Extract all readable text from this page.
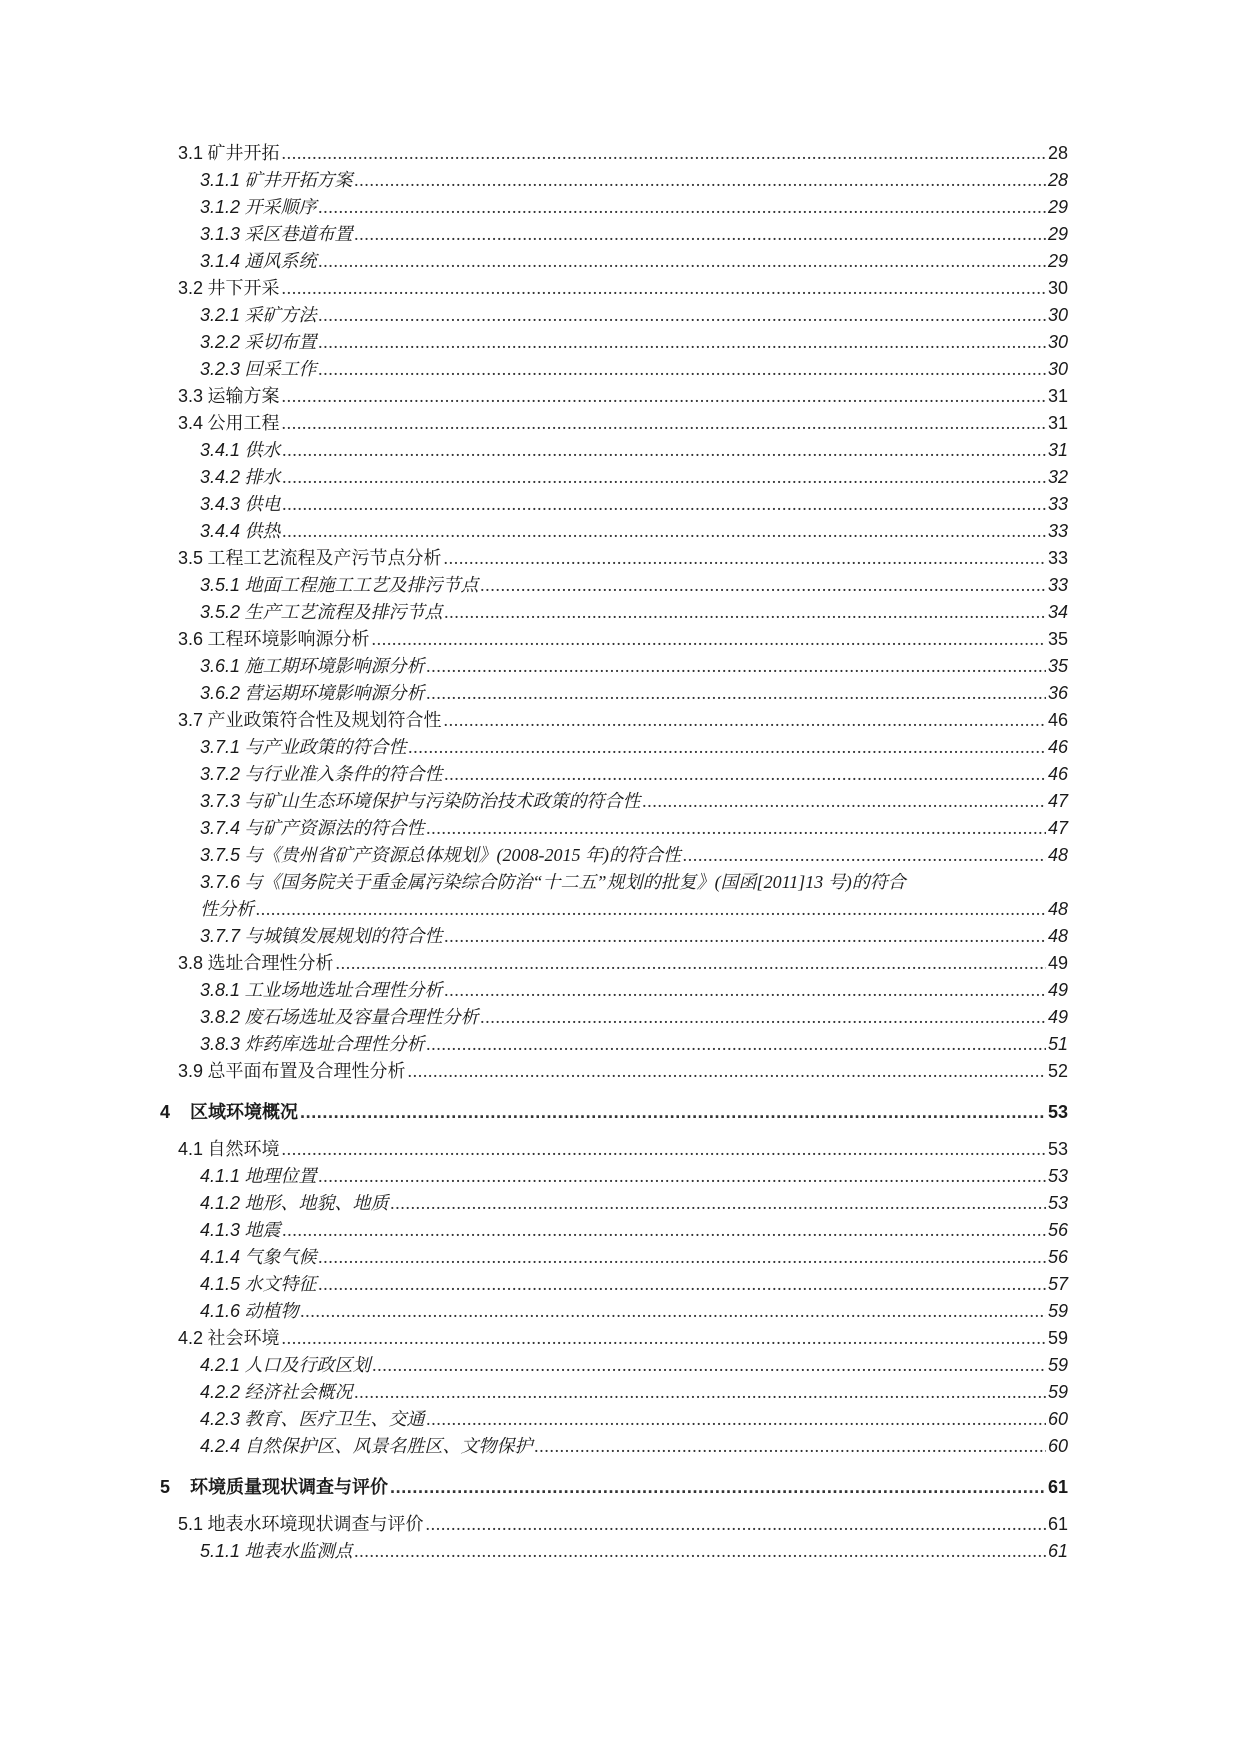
3.1 矿井开拓 .....	28
3.1.1 矿井开拓方案 .....	28
3.1.2 开采顺序 .....	29
3.1.3 采区巷道布置 .....	29
3.1.4 通风系统 .....	29
3.2 井下开采 .....	30
3.2.1 采矿方法 .....	30
3.2.2 采切布置 .....	30
3.2.3 回采工作 .....	30
3.3 运输方案 .....	31
3.4 公用工程 .....	31
3.4.1 供水 .....	31
3.4.2 排水 .....	32
3.4.3 供电 .....	33
3.4.4 供热 .....	33
3.5 工程工艺流程及产污节点分析 .....	33
3.5.1 地面工程施工工艺及排污节点 .....	33
3.5.2 生产工艺流程及排污节点 .....	34
3.6 工程环境影响源分析 .....	35
3.6.1 施工期环境影响源分析 .....	35
3.6.2 营运期环境影响源分析 .....	36
3.7 产业政策符合性及规划符合性 .....	46
3.7.1 与产业政策的符合性 .....	46
3.7.2 与行业准入条件的符合性 .....	46
3.7.3 与矿山生态环境保护与污染防治技术政策的符合性 .....	47
3.7.4 与矿产资源法的符合性 .....	47
3.7.5 与《贵州省矿产资源总体规划》(2008-2015 年)的符合性 .....	48
3.7.6 与《国务院关于重金属污染综合防治“十二五”规划的批复》(国函[2011]13 号)的符合
性分析 .....	48
3.7.7 与城镇发展规划的符合性 .....	48
3.8 选址合理性分析 .....	49
3.8.1 工业场地选址合理性分析 .....	49
3.8.2 废石场选址及容量合理性分析 .....	49
3.8.3 炸药库选址合理性分析 .....	51
3.9 总平面布置及合理性分析 .....	52
4 区域环境概况 .....	53
4.1 自然环境 .....	53
4.1.1 地理位置 .....	53
4.1.2 地形、地貌、地质 .....	53
4.1.3 地震 .....	56
4.1.4 气象气候 .....	56
4.1.5 水文特征 .....	57
4.1.6 动植物 .....	59
4.2 社会环境 .....	59
4.2.1 人口及行政区划 .....	59
4.2.2 经济社会概况 .....	59
4.2.3 教育、医疗卫生、交通 .....	60
4.2.4 自然保护区、风景名胜区、文物保护 .....	60
5 环境质量现状调查与评价 .....	61
5.1 地表水环境现状调查与评价 .....	61
5.1.1 地表水监测点 .....	61
